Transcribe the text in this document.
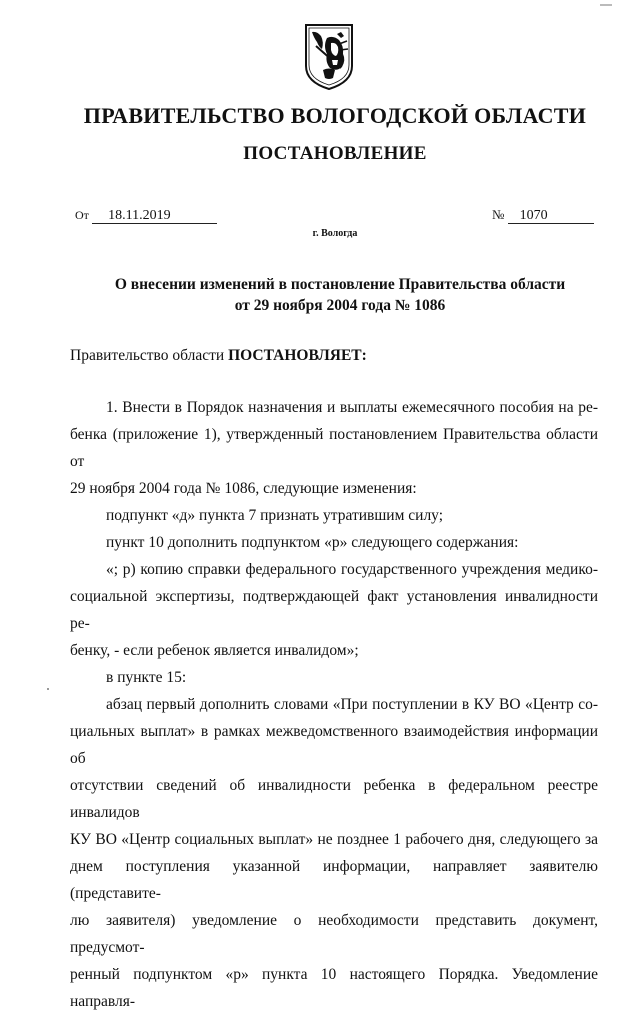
ПРАВИТЕЛЬСТВО ВОЛОГОДСКОЙ ОБЛАСТИ
ПОСТАНОВЛЕНИЕ
От 18.11.2019	№ 1070
г. Вологда
О внесении изменений в постановление Правительства области
от 29 ноября 2004 года № 1086

Правительство области ПОСТАНОВЛЯЕТ:

1. Внести в Порядок назначения и выплаты ежемесячного пособия на ре-

бенка (приложение 1), утвержденный постановлением Правительства области от

29 ноября 2004 года № 1086, следующие изменения:

подпункт «д» пункта 7 признать утратившим силу;

пункт 10 дополнить подпунктом «р» следующего содержания:

«; р) копию справки федерального государственного учреждения медико-

социальной экспертизы, подтверждающей факт установления инвалидности ре-

бенку, - если ребенок является инвалидом»;

в пункте 15:

абзац первый дополнить словами «При поступлении в КУ ВО «Центр со-

циальных выплат» в рамках межведомственного взаимодействия информации об

отсутствии сведений об инвалидности ребенка в федеральном реестре инвалидов

КУ ВО «Центр социальных выплат» не позднее 1 рабочего дня, следующего за

днем поступления указанной информации, направляет заявителю (представите-

лю заявителя) уведомление о необходимости представить документ, предусмот-

ренный подпунктом «р» пункта 10 настоящего Порядка. Уведомление направля-
